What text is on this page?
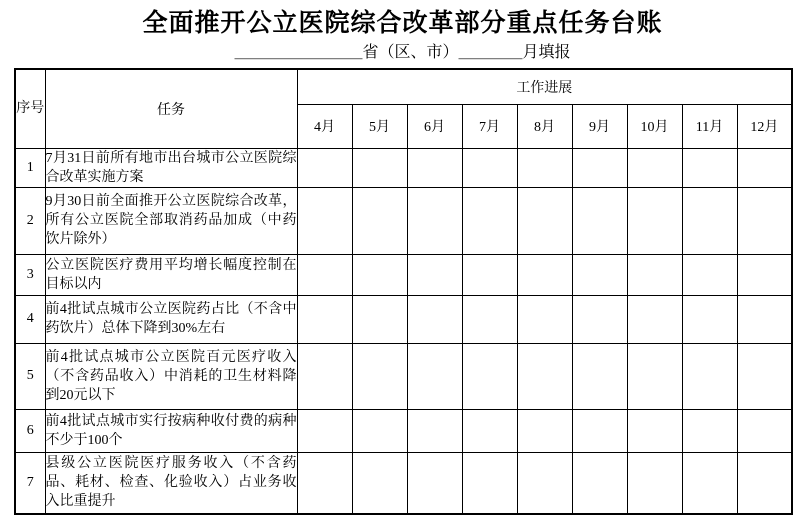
全面推开公立医院综合改革部分重点任务台账
＿＿＿＿＿＿＿＿省（区、市）＿＿＿＿月填报
序号	任务	工作进展								
		4月	5月	6月	7月	8月	9月	10月	11月	12月
1	7月31日前所有地市出台城市公立医院综合改革实施方案									
2	9月30日前全面推开公立医院综合改革，所有公立医院全部取消药品加成（中药饮片除外）									
3	公立医院医疗费用平均增长幅度控制在目标以内									
4	前4批试点城市公立医院药占比（不含中药饮片）总体下降到30%左右									
5	前4批试点城市公立医院百元医疗收入（不含药品收入）中消耗的卫生材料降到20元以下									
6	前4批试点城市实行按病种收付费的病种不少于100个									
7	县级公立医院医疗服务收入（不含药品、耗材、检查、化验收入）占业务收入比重提升									
